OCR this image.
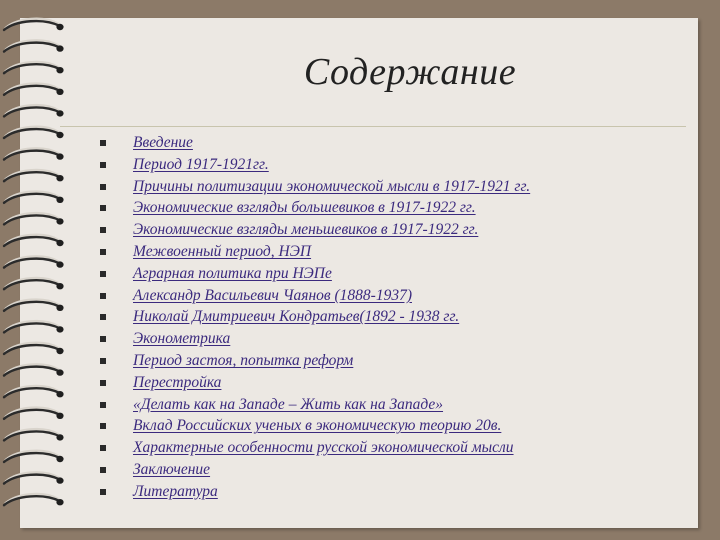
Содержание
Введение
Период 1917-1921гг.
Причины политизации экономической мысли в 1917-1921 гг.
Экономические взгляды большевиков в 1917-1922 гг.
Экономические взгляды меньшевиков в 1917-1922 гг.
Межвоенный период, НЭП
Аграрная политика при НЭПе
Александр Васильевич Чаянов (1888-1937)
Николай Дмитриевич Кондратьев(1892 - 1938 гг.
Эконометрика
Период застоя, попытка реформ
Перестройка
«Делать как на Западе – Жить как на Западе»
Вклад Российских ученых в экономическую теорию 20в.
Характерные особенности русской экономической мысли
Заключение
Литература
